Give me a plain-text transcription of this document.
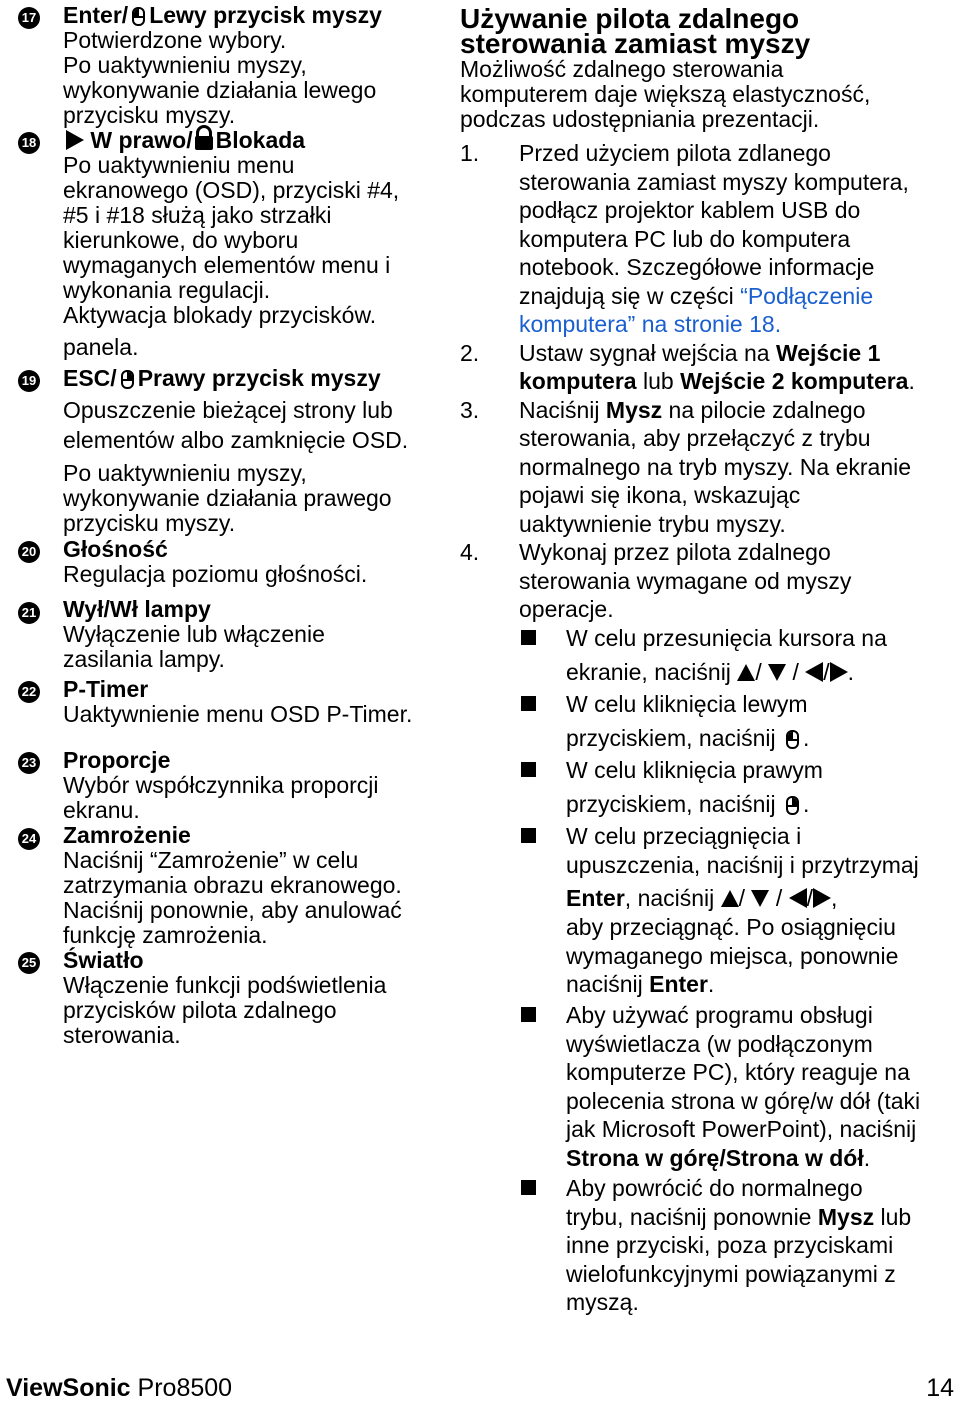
17 Enter/ Lewy przycisk myszy
Potwierdzone wybory.
Po uaktywnieniu myszy,
wykonywanie działania lewego
przycisku myszy.
18	W prawo/ Blokada
Po uaktywnieniu menu
ekranowego (OSD), przyciski #4,
#5 i #18 służą jako strzałki
kierunkowe, do wyboru
wymaganych elementów menu i
wykonania regulacji.
Aktywacja blokady przycisków.
panela.
19 ESC/ Prawy przycisk myszy
Opuszczenie bieżącej strony lub
elementów albo zamknięcie OSD.
Po uaktywnieniu myszy,
wykonywanie działania prawego
przycisku myszy.
20 Głośność
Regulacja poziomu głośności.
21 Wył/Wł lampy
Wyłączenie lub włączenie
zasilania lampy.
22 P-Timer
Uaktywnienie menu OSD P-Timer.
23 Proporcje
Wybór współczynnika proporcji
ekranu.
24 Zamrożenie
Naciśnij “Zamrożenie” w celu
zatrzymania obrazu ekranowego.
Naciśnij ponownie, aby anulować
funkcję zamrożenia.
25 Światło
Włączenie funkcji podświetlenia
przycisków pilota zdalnego
sterowania.
Używanie pilota zdalnego
sterowania zamiast myszy
Możliwość zdalnego sterowania
komputerem daje większą elastyczność,
podczas udostępniania prezentacji.
1. Przed użyciem pilota zdlanego
sterowania zamiast myszy komputera,
podłącz projektor kablem USB do
komputera PC lub do komputera
notebook. Szczegółowe informacje
znajdują się w części “Podłączenie
komputera” na stronie 18.
2. Ustaw sygnał wejścia na Wejście 1
komputera lub Wejście 2 komputera.
3. Naciśnij Mysz na pilocie zdalnego
sterowania, aby przełączyć z trybu
normalnego na tryb myszy. Na ekranie
pojawi się ikona, wskazując
uaktywnienie trybu myszy.
4. Wykonaj przez pilota zdalnego
sterowania wymagane od myszy
operacje.
W celu przesunięcia kursora na
ekranie, naciśnij / / / .
W celu kliknięcia lewym
przyciskiem, naciśnij .
W celu kliknięcia prawym
przyciskiem, naciśnij .
W celu przeciągnięcia i
upuszczenia, naciśnij i przytrzymaj
Enter, naciśnij / / / ,
aby przeciągnąć. Po osiągnięciu
wymaganego miejsca, ponownie
naciśnij Enter.
Aby używać programu obsługi
wyświetlacza (w podłączonym
komputerze PC), który reaguje na
polecenia strona w górę/w dół (taki
jak Microsoft PowerPoint), naciśnij
Strona w górę/Strona w dół.
Aby powrócić do normalnego
trybu, naciśnij ponownie Mysz lub
inne przyciski, poza przyciskami
wielofunkcyjnymi powiązanymi z
myszą.
ViewSonic Pro8500	14
